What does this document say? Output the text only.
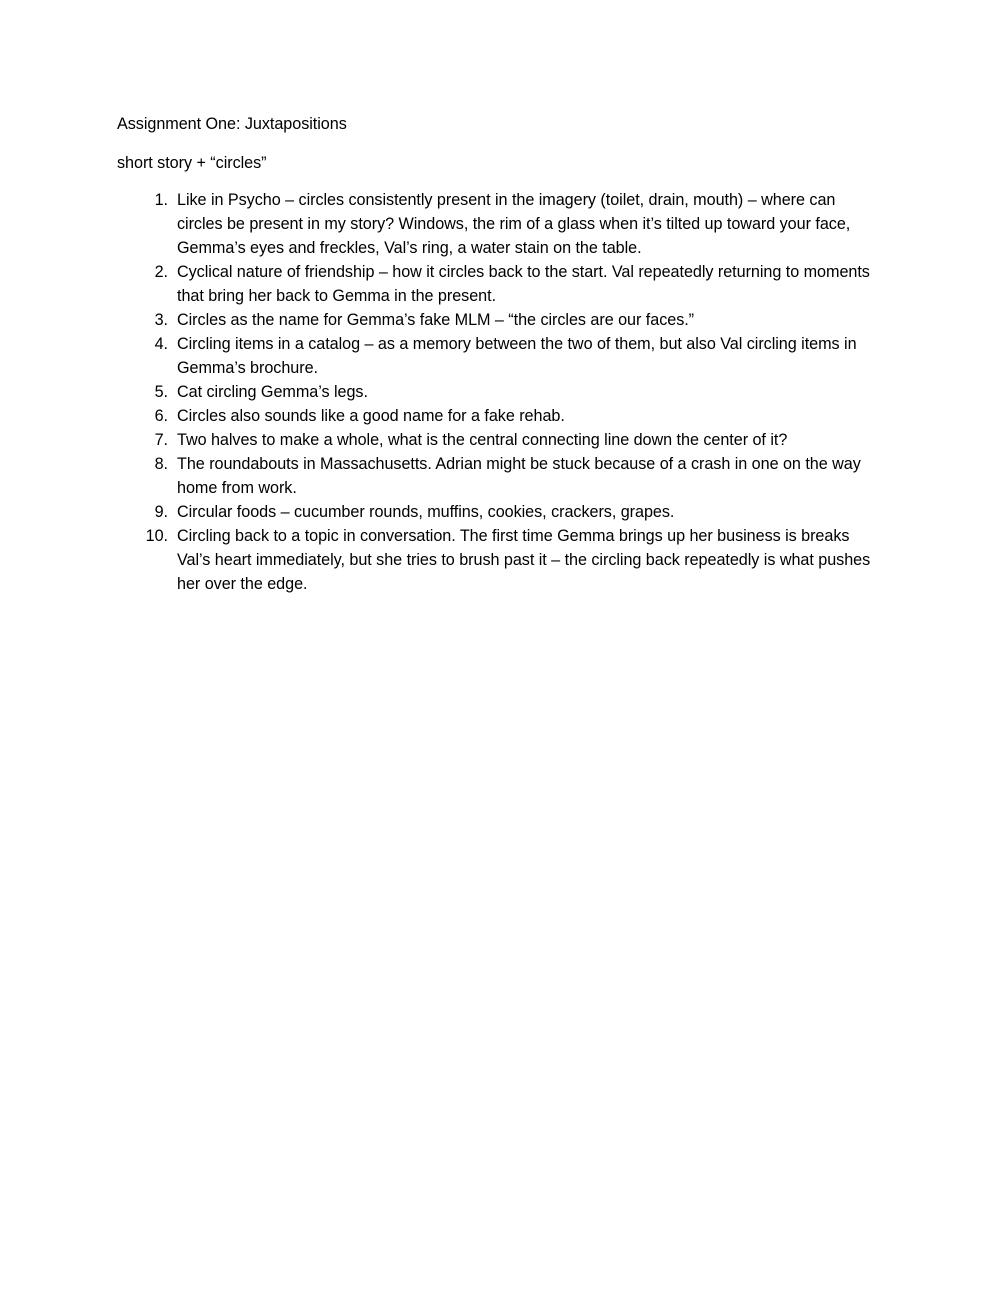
Assignment One: Juxtapositions

short story + “circles”

1. Like in Psycho – circles consistently present in the imagery (toilet, drain, mouth) – where can circles be present in my story? Windows, the rim of a glass when it’s tilted up toward your face, Gemma’s eyes and freckles, Val’s ring, a water stain on the table.
2. Cyclical nature of friendship – how it circles back to the start. Val repeatedly returning to moments that bring her back to Gemma in the present.
3. Circles as the name for Gemma’s fake MLM – “the circles are our faces.”
4. Circling items in a catalog – as a memory between the two of them, but also Val circling items in Gemma’s brochure.
5. Cat circling Gemma’s legs.
6. Circles also sounds like a good name for a fake rehab.
7. Two halves to make a whole, what is the central connecting line down the center of it?
8. The roundabouts in Massachusetts. Adrian might be stuck because of a crash in one on the way home from work.
9. Circular foods – cucumber rounds, muffins, cookies, crackers, grapes.
10. Circling back to a topic in conversation. The first time Gemma brings up her business is breaks Val’s heart immediately, but she tries to brush past it – the circling back repeatedly is what pushes her over the edge.
